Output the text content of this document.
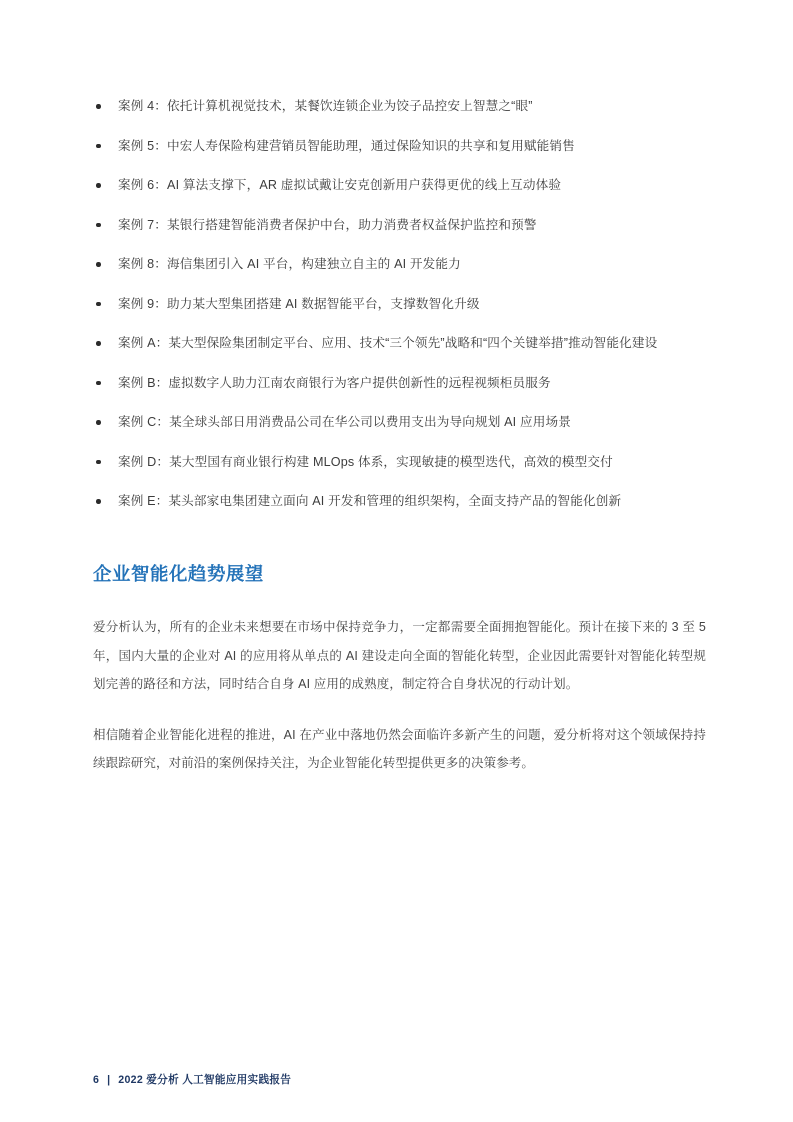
案例 4：依托计算机视觉技术，某餐饮连锁企业为饺子品控安上智慧之“眼”
案例 5：中宏人寿保险构建营销员智能助理，通过保险知识的共享和复用赋能销售
案例 6：AI 算法支撑下，AR 虚拟试戴让安克创新用户获得更优的线上互动体验
案例 7：某银行搭建智能消费者保护中台，助力消费者权益保护监控和预警
案例 8：海信集团引入 AI 平台，构建独立自主的 AI 开发能力
案例 9：助力某大型集团搭建 AI 数据智能平台，支撑数智化升级
案例 A：某大型保险集团制定平台、应用、技术“三个领先”战略和“四个关键举措”推动智能化建设
案例 B：虚拟数字人助力江南农商银行为客户提供创新性的远程视频柜员服务
案例 C：某全球头部日用消费品公司在华公司以费用支出为导向规划 AI 应用场景
案例 D：某大型国有商业银行构建 MLOps 体系，实现敏捷的模型迭代，高效的模型交付
案例 E：某头部家电集团建立面向 AI 开发和管理的组织架构，全面支持产品的智能化创新
企业智能化趋势展望

爱分析认为，所有的企业未来想要在市场中保持竞争力，一定都需要全面拥抱智能化。预计在接下来的 3 至 5 年，国内大量的企业对 AI 的应用将从单点的 AI 建设走向全面的智能化转型，企业因此需要针对智能化转型规划完善的路径和方法，同时结合自身 AI 应用的成熟度，制定符合自身状况的行动计划。

相信随着企业智能化进程的推进，AI 在产业中落地仍然会面临许多新产生的问题，爱分析将对这个领域保持持续跟踪研究，对前沿的案例保持关注，为企业智能化转型提供更多的决策参考。

6 | 2022 爱分析 人工智能应用实践报告
